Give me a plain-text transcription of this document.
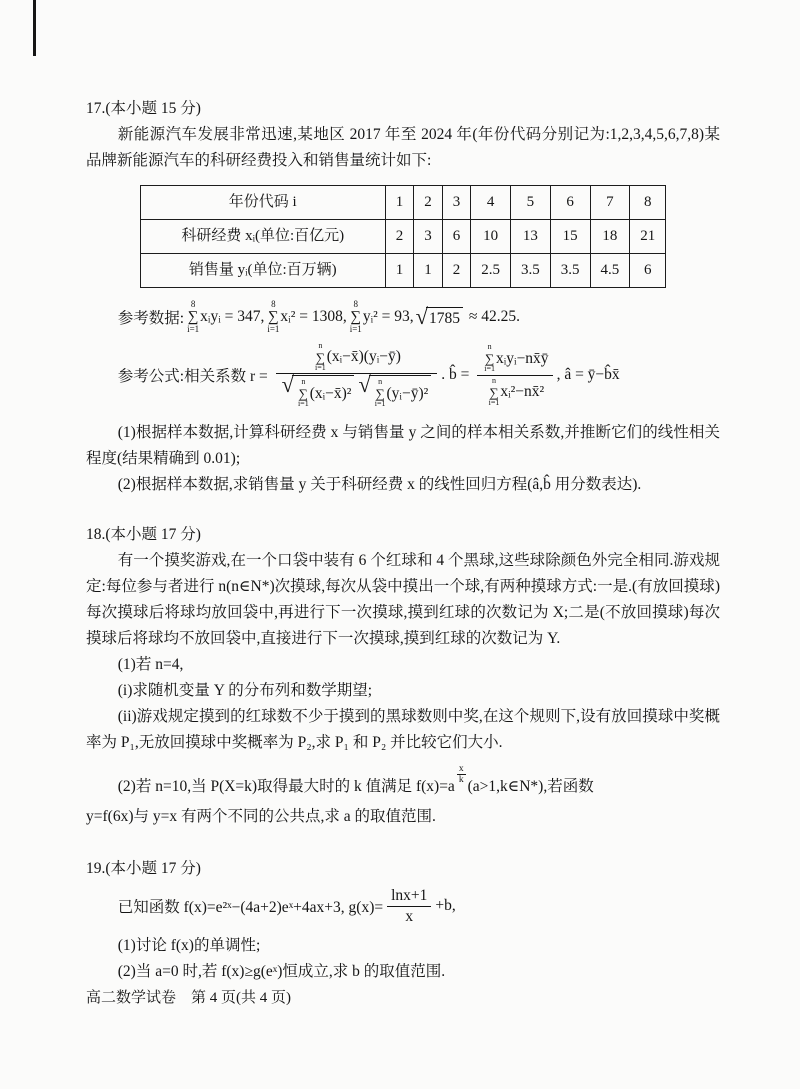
17.(本小题 15 分)

新能源汽车发展非常迅速,某地区 2017 年至 2024 年(年份代码分别记为:1,2,3,4,5,6,7,8)某品牌新能源汽车的科研经费投入和销售量统计如下:

年份代码 i	1	2	3	4	5	6	7	8
科研经费 xᵢ(单位:百亿元)	2	3	6	10	13	15	18	21
销售量 yᵢ(单位:百万辆)	1	1	2	2.5	3.5	3.5	4.5	6
参考数据:
8
∑
i=1
xᵢyᵢ = 347,
8
∑
i=1
xᵢ² = 1308,
8
∑
i=1
yᵢ² = 93, √ 1785 ≈ 42.25.
参考公式:相关系数 r =
n
∑
i=1
(xᵢ−x̄)(yᵢ−ȳ)
√ n
∑
i=1
(xᵢ−x̄)² √ n
∑
i=1
(yᵢ−ȳ)²
. b̂ =
n
∑
i=1
xᵢyᵢ−nx̄ȳ
n
∑
i=1
xᵢ²−nx̄²
, â = ȳ−b̂x̄

(1)根据样本数据,计算科研经费 x 与销售量 y 之间的样本相关系数,并推断它们的线性相关程度(结果精确到 0.01);

(2)根据样本数据,求销售量 y 关于科研经费 x 的线性回归方程(â,b̂ 用分数表达).

18.(本小题 17 分)

有一个摸奖游戏,在一个口袋中装有 6 个红球和 4 个黑球,这些球除颜色外完全相同.游戏规定:每位参与者进行 n(n∈N*)次摸球,每次从袋中摸出一个球,有两种摸球方式:一是.(有放回摸球)每次摸球后将球均放回袋中,再进行下一次摸球,摸到红球的次数记为 X;二是(不放回摸球)每次摸球后将球均不放回袋中,直接进行下一次摸球,摸到红球的次数记为 Y.

(1)若 n=4,

(i)求随机变量 Y 的分布列和数学期望;

(ii)游戏规定摸到的红球数不少于摸到的黑球数则中奖,在这个规则下,设有放回摸球中奖概率为 P₁,无放回摸球中奖概率为 P₂,求 P₁ 和 P₂ 并比较它们大小.

(2)若 n=10,当 P(X=k)取得最大时的 k 值满足 f(x)=a
$\frac{x}{k}$
(a>1,k∈N*),若函数

y=f(6x)与 y=x 有两个不同的公共点,求 a 的取值范围.

19.(本小题 17 分)

已知函数 f(x)=e²ˣ−(4a+2)eˣ+4ax+3, $g(x)= \frac{\ln x+1}{x} +b$,

(1)讨论 f(x)的单调性;

(2)当 a=0 时,若 f(x)≥g(eˣ)恒成立,求 b 的取值范围.

高二数学试卷　第 4 页(共 4 页)
